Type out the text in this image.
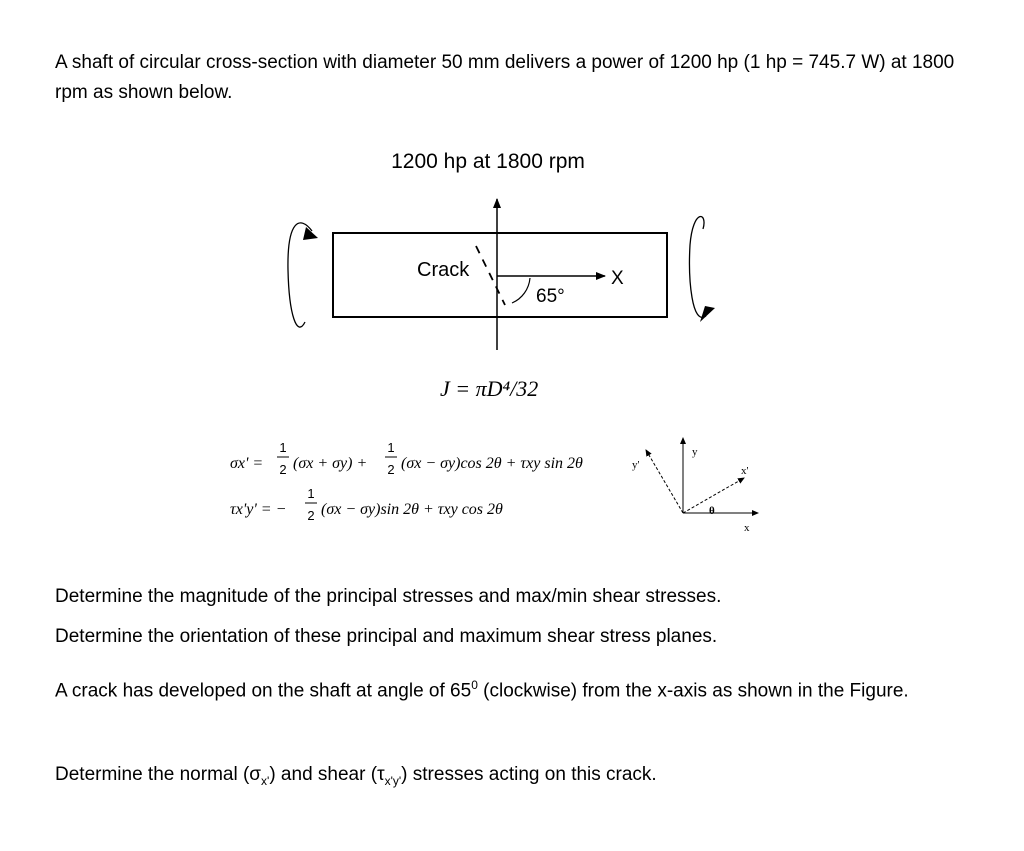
A shaft of circular cross-section with diameter 50 mm delivers a power of 1200 hp (1 hp = 745.7 W) at 1800 rpm as shown below.

1200 hp at 1800 rpm
X
Crack
65°
J = πD⁴/32
σx' =
1
2 (σx + σy) +
1
2 (σx − σy)cos 2θ + τxy sin 2θ
τx'y' = −
1
2 (σx − σy)sin 2θ + τxy cos 2θ
y
y'	x'
x
θ

Determine the magnitude of the principal stresses and max/min shear stresses.

Determine the orientation of these principal and maximum shear stress planes.

A crack has developed on the shaft at angle of $65^0$ (clockwise) from the x-axis as shown in the Figure.

Determine the normal $(\sigma_{x'})$ and shear $(\tau_{x'y'})$ stresses acting on this crack.
